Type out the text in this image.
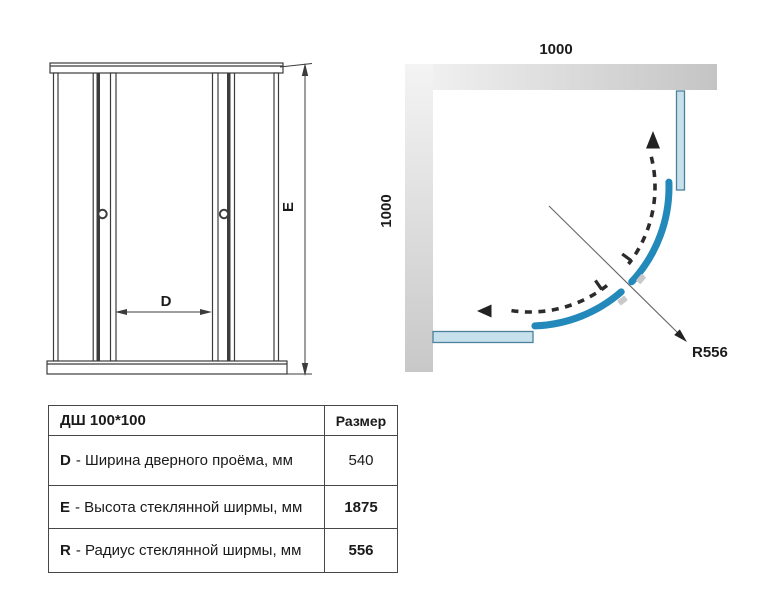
D
E
1000
1000
R556
ДШ 100*100	Размер
D - Ширина дверного проёма, мм	540
E - Высота стеклянной ширмы, мм	1875
R - Радиус стеклянной ширмы, мм	556
